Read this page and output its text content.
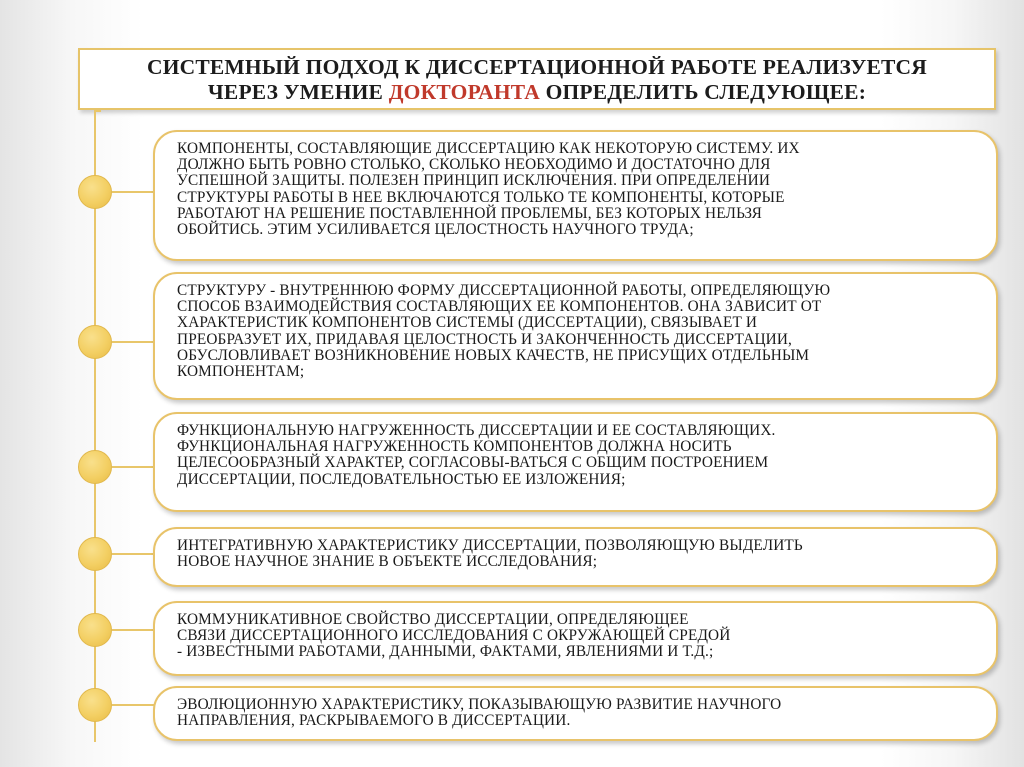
СИСТЕМНЫЙ ПОДХОД К ДИССЕРТАЦИОННОЙ РАБОТЕ РЕАЛИЗУЕТСЯ
ЧЕРЕЗ УМЕНИЕ ДОКТОРАНТА ОПРЕДЕЛИТЬ СЛЕДУЮЩЕЕ:
КОМПОНЕНТЫ, СОСТАВЛЯЮЩИЕ ДИССЕРТАЦИЮ КАК НЕКОТОРУЮ СИСТЕМУ. ИХ
ДОЛЖНО БЫТЬ РОВНО СТОЛЬКО, СКОЛЬКО НЕОБХОДИМО И ДОСТАТОЧНО ДЛЯ
УСПЕШНОЙ ЗАЩИТЫ. ПОЛЕЗЕН ПРИНЦИП ИСКЛЮЧЕНИЯ. ПРИ ОПРЕДЕЛЕНИИ
СТРУКТУРЫ РАБОТЫ В НЕЕ ВКЛЮЧАЮТСЯ ТОЛЬКО ТЕ КОМПОНЕНТЫ, КОТОРЫЕ
РАБОТАЮТ НА РЕШЕНИЕ ПОСТАВЛЕННОЙ ПРОБЛЕМЫ, БЕЗ КОТОРЫХ НЕЛЬЗЯ
ОБОЙТИСЬ. ЭТИМ УСИЛИВАЕТСЯ ЦЕЛОСТНОСТЬ НАУЧНОГО ТРУДА;
СТРУКТУРУ - ВНУТРЕННЮЮ ФОРМУ ДИССЕРТАЦИОННОЙ РАБОТЫ, ОПРЕДЕЛЯЮЩУЮ
СПОСОБ ВЗАИМОДЕЙСТВИЯ СОСТАВЛЯЮЩИХ ЕЕ КОМПОНЕНТОВ. ОНА ЗАВИСИТ ОТ
ХАРАКТЕРИСТИК КОМПОНЕНТОВ СИСТЕМЫ (ДИССЕРТАЦИИ), СВЯЗЫВАЕТ И
ПРЕОБРАЗУЕТ ИХ, ПРИДАВАЯ ЦЕЛОСТНОСТЬ И ЗАКОНЧЕННОСТЬ ДИССЕРТАЦИИ,
ОБУСЛОВЛИВАЕТ ВОЗНИКНОВЕНИЕ НОВЫХ КАЧЕСТВ, НЕ ПРИСУЩИХ ОТДЕЛЬНЫМ
КОМПОНЕНТАМ;
ФУНКЦИОНАЛЬНУЮ НАГРУЖЕННОСТЬ ДИССЕРТАЦИИ И ЕЕ СОСТАВЛЯЮЩИХ.
ФУНКЦИОНАЛЬНАЯ НАГРУЖЕННОСТЬ КОМПОНЕНТОВ ДОЛЖНА НОСИТЬ
ЦЕЛЕСООБРАЗНЫЙ ХАРАКТЕР, СОГЛАСОВЫ-ВАТЬСЯ С ОБЩИМ ПОСТРОЕНИЕМ
ДИССЕРТАЦИИ, ПОСЛЕДОВАТЕЛЬНОСТЬЮ ЕЕ ИЗЛОЖЕНИЯ;
ИНТЕГРАТИВНУЮ ХАРАКТЕРИСТИКУ ДИССЕРТАЦИИ, ПОЗВОЛЯЮЩУЮ ВЫДЕЛИТЬ
НОВОЕ НАУЧНОЕ ЗНАНИЕ В ОБЪЕКТЕ ИССЛЕДОВАНИЯ;
КОММУНИКАТИВНОЕ СВОЙСТВО ДИССЕРТАЦИИ, ОПРЕДЕЛЯЮЩЕЕ
СВЯЗИ ДИССЕРТАЦИОННОГО ИССЛЕДОВАНИЯ С ОКРУЖАЮЩЕЙ СРЕДОЙ
- ИЗВЕСТНЫМИ РАБОТАМИ, ДАННЫМИ, ФАКТАМИ, ЯВЛЕНИЯМИ И Т.Д.;
ЭВОЛЮЦИОННУЮ ХАРАКТЕРИСТИКУ, ПОКАЗЫВАЮЩУЮ РАЗВИТИЕ НАУЧНОГО
НАПРАВЛЕНИЯ, РАСКРЫВАЕМОГО В ДИССЕРТАЦИИ.
